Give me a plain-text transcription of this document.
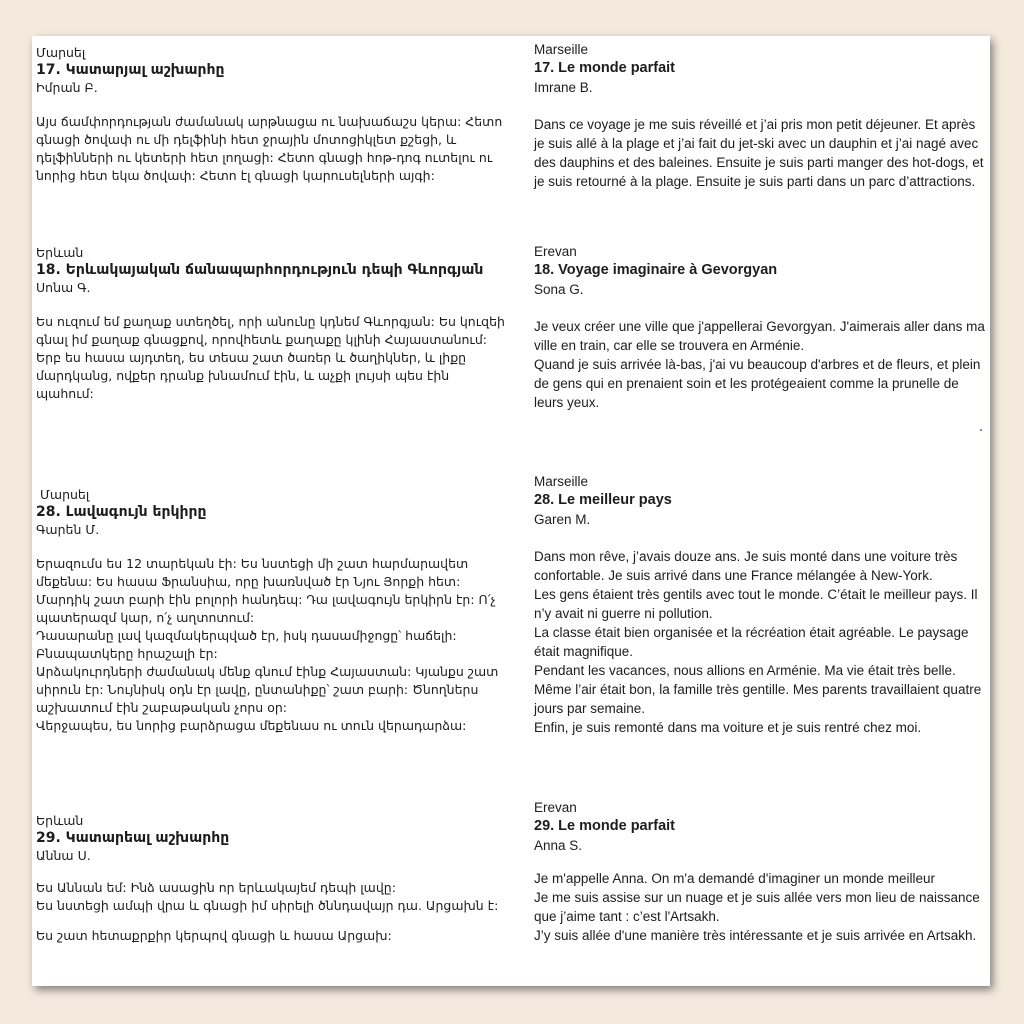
Մարսել
17. Կատարյալ աշխարհը
Իմրան Բ.

Այս ճամփորդության ժամանակ արթնացա ու նախաճաշս կերա: Հետո գնացի ծովափ ու մի դելֆինի հետ ջրային մոտոցիկլետ քշեցի, և դելֆինների ու կետերի հետ լողացի: Հետո գնացի հոթ-դոգ ուտելու ու նորից հետ եկա ծովափ: Հետո էլ գնացի կարուսելների այգի:

Marseille
17. Le monde parfait
Imrane B.

Dans ce voyage je me suis réveillé et j’ai pris mon petit déjeuner. Et après je suis allé à la plage et j’ai fait du jet-ski avec un dauphin et j’ai nagé avec des dauphins et des baleines. Ensuite je suis parti manger des hot-dogs, et je suis retourné à la plage. Ensuite je suis parti dans un parc d’attractions.

Երևան
18. Երևակայական ճանապարհորդություն դեպի Գևորգյան
Սոնա Գ.

Ես ուզում եմ քաղաք ստեղծել, որի անունը կդնեմ Գևորգյան: Ես կուզեի գնալ իմ քաղաք գնացքով, որովհետև քաղաքը կլինի Հայաստանում: Երբ ես հասա այդտեղ, ես տեսա շատ ծառեր և ծաղիկներ, և լիքը մարդկանց, ովքեր դրանք խնամում էին, և աչքի լույսի պես էին պահում:

Erevan
18. Voyage imaginaire à Gevorgyan
Sona G.

Je veux créer une ville que j'appellerai Gevorgyan. J'aimerais aller dans ma ville en train, car elle se trouvera en Arménie.

Quand je suis arrivée là-bas, j'ai vu beaucoup d'arbres et de fleurs, et plein de gens qui en prenaient soin et les protégeaient comme la prunelle de leurs yeux.

Մարսել
28. Լավագույն երկիրը
Գարեն Մ.

Երազումս ես 12 տարեկան էի: Ես նստեցի մի շատ հարմարավետ մեքենա: Ես հասա Ֆրանսիա, որը խառնված էր Նյու Յորքի հետ:

Մարդիկ շատ բարի էին բոլորի հանդեպ: Դա լավագույն երկիրն էր: Ո՛չ պատերազմ կար, ո՛չ աղտոտում:

Դասարանը լավ կազմակերպված էր, իսկ դասամիջոցը՝ հաճելի: Բնապատկերը հրաշալի էր:

Արձակուրդների ժամանակ մենք գնում էինք Հայաստան: Կյանքս շատ սիրուն էր: Նույնիսկ օդն էր լավը, ընտանիքը՝ շատ բարի: Ծնողներս աշխատում էին շաբաթական չորս օր:

Վերջապես, ես նորից բարձրացա մեքենաս ու տուն վերադարձա:

Marseille
28. Le meilleur pays
Garen M.

Dans mon rêve, j’avais douze ans. Je suis monté dans une voiture très confortable. Je suis arrivé dans une France mélangée à New-York.

Les gens étaient très gentils avec tout le monde. C’était le meilleur pays. Il n’y avait ni guerre ni pollution.

La classe était bien organisée et la récréation était agréable. Le paysage était magnifique.

Pendant les vacances, nous allions en Arménie. Ma vie était très belle. Même l’air était bon, la famille très gentille. Mes parents travaillaient quatre jours par semaine.

Enfin, je suis remonté dans ma voiture et je suis rentré chez moi.

Երևան
29. Կատարեալ աշխարհը
Աննա Ս.

Ես Աննան եմ: Ինձ ասացին որ երևակայեմ դեպի լավը:

Ես նստեցի ամպի վրա և գնացի իմ սիրելի ծննդավայր դա. Արցախն է:

Ես շատ հետաքրքիր կերպով գնացի և հասա Արցախ:

Erevan
29. Le monde parfait
Anna S.

Je m'appelle Anna. On m'a demandé d'imaginer un monde meilleur

Je me suis assise sur un nuage et je suis allée vers mon lieu de naissance que j’aime tant : c’est l'Artsakh.

J’y suis allée d'une manière très intéressante et je suis arrivée en Artsakh.
